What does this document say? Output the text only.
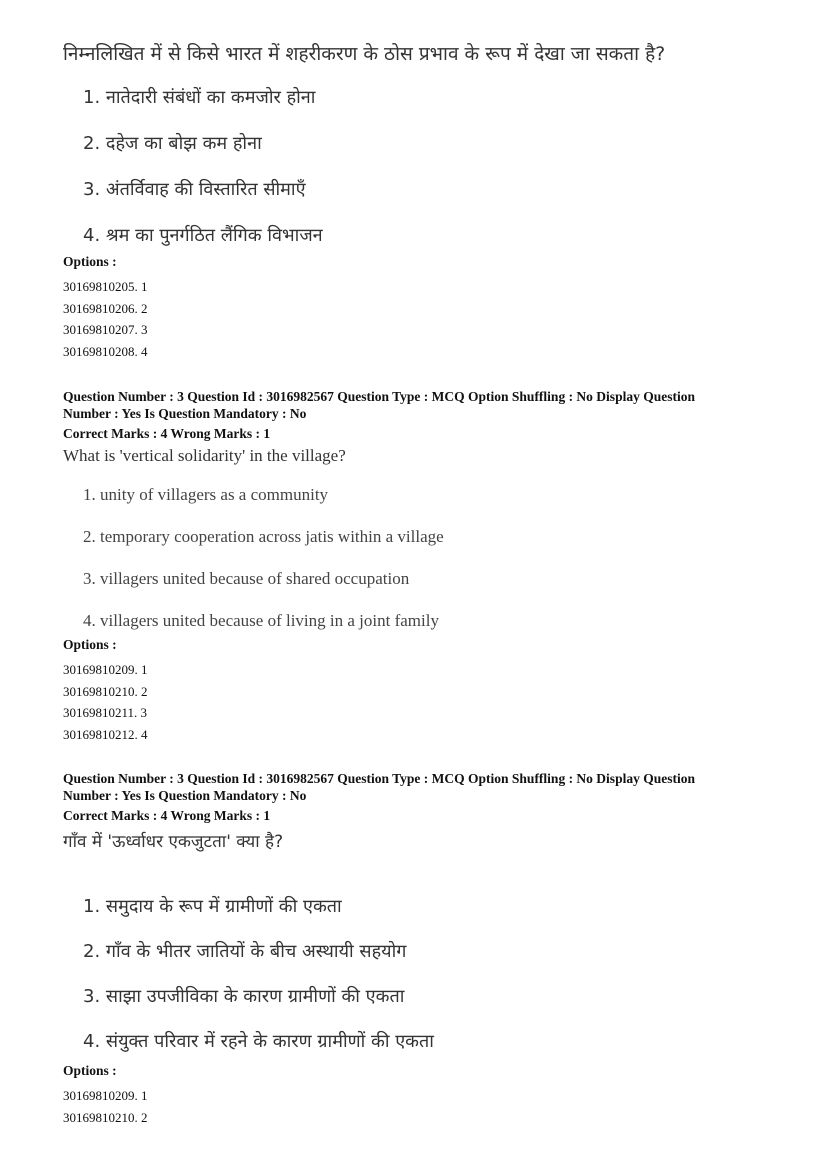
निम्नलिखित में से किसे भारत में शहरीकरण के ठोस प्रभाव के रूप में देखा जा सकता है?

1. नातेदारी संबंधों का कमजोर होना

2. दहेज का बोझ कम होना

3. अंतर्विवाह की विस्तारित सीमाएँ

4. श्रम का पुनर्गठित लैंगिक विभाजन

Options :

30169810205. 1

30169810206. 2

30169810207. 3

30169810208. 4

Question Number : 3 Question Id : 3016982567 Question Type : MCQ Option Shuffling : No Display Question

Number : Yes Is Question Mandatory : No

Correct Marks : 4 Wrong Marks : 1

What is 'vertical solidarity' in the village?

1. unity of villagers as a community

2. temporary cooperation across jatis within a village

3. villagers united because of shared occupation

4. villagers united because of living in a joint family

Options :

30169810209. 1

30169810210. 2

30169810211. 3

30169810212. 4

Question Number : 3 Question Id : 3016982567 Question Type : MCQ Option Shuffling : No Display Question

Number : Yes Is Question Mandatory : No

Correct Marks : 4 Wrong Marks : 1

गाँव में 'ऊर्ध्वाधर एकजुटता' क्या है?

1. समुदाय के रूप में ग्रामीणों की एकता

2. गाँव के भीतर जातियों के बीच अस्थायी सहयोग

3. साझा उपजीविका के कारण ग्रामीणों की एकता

4. संयुक्त परिवार में रहने के कारण ग्रामीणों की एकता

Options :

30169810209. 1

30169810210. 2
